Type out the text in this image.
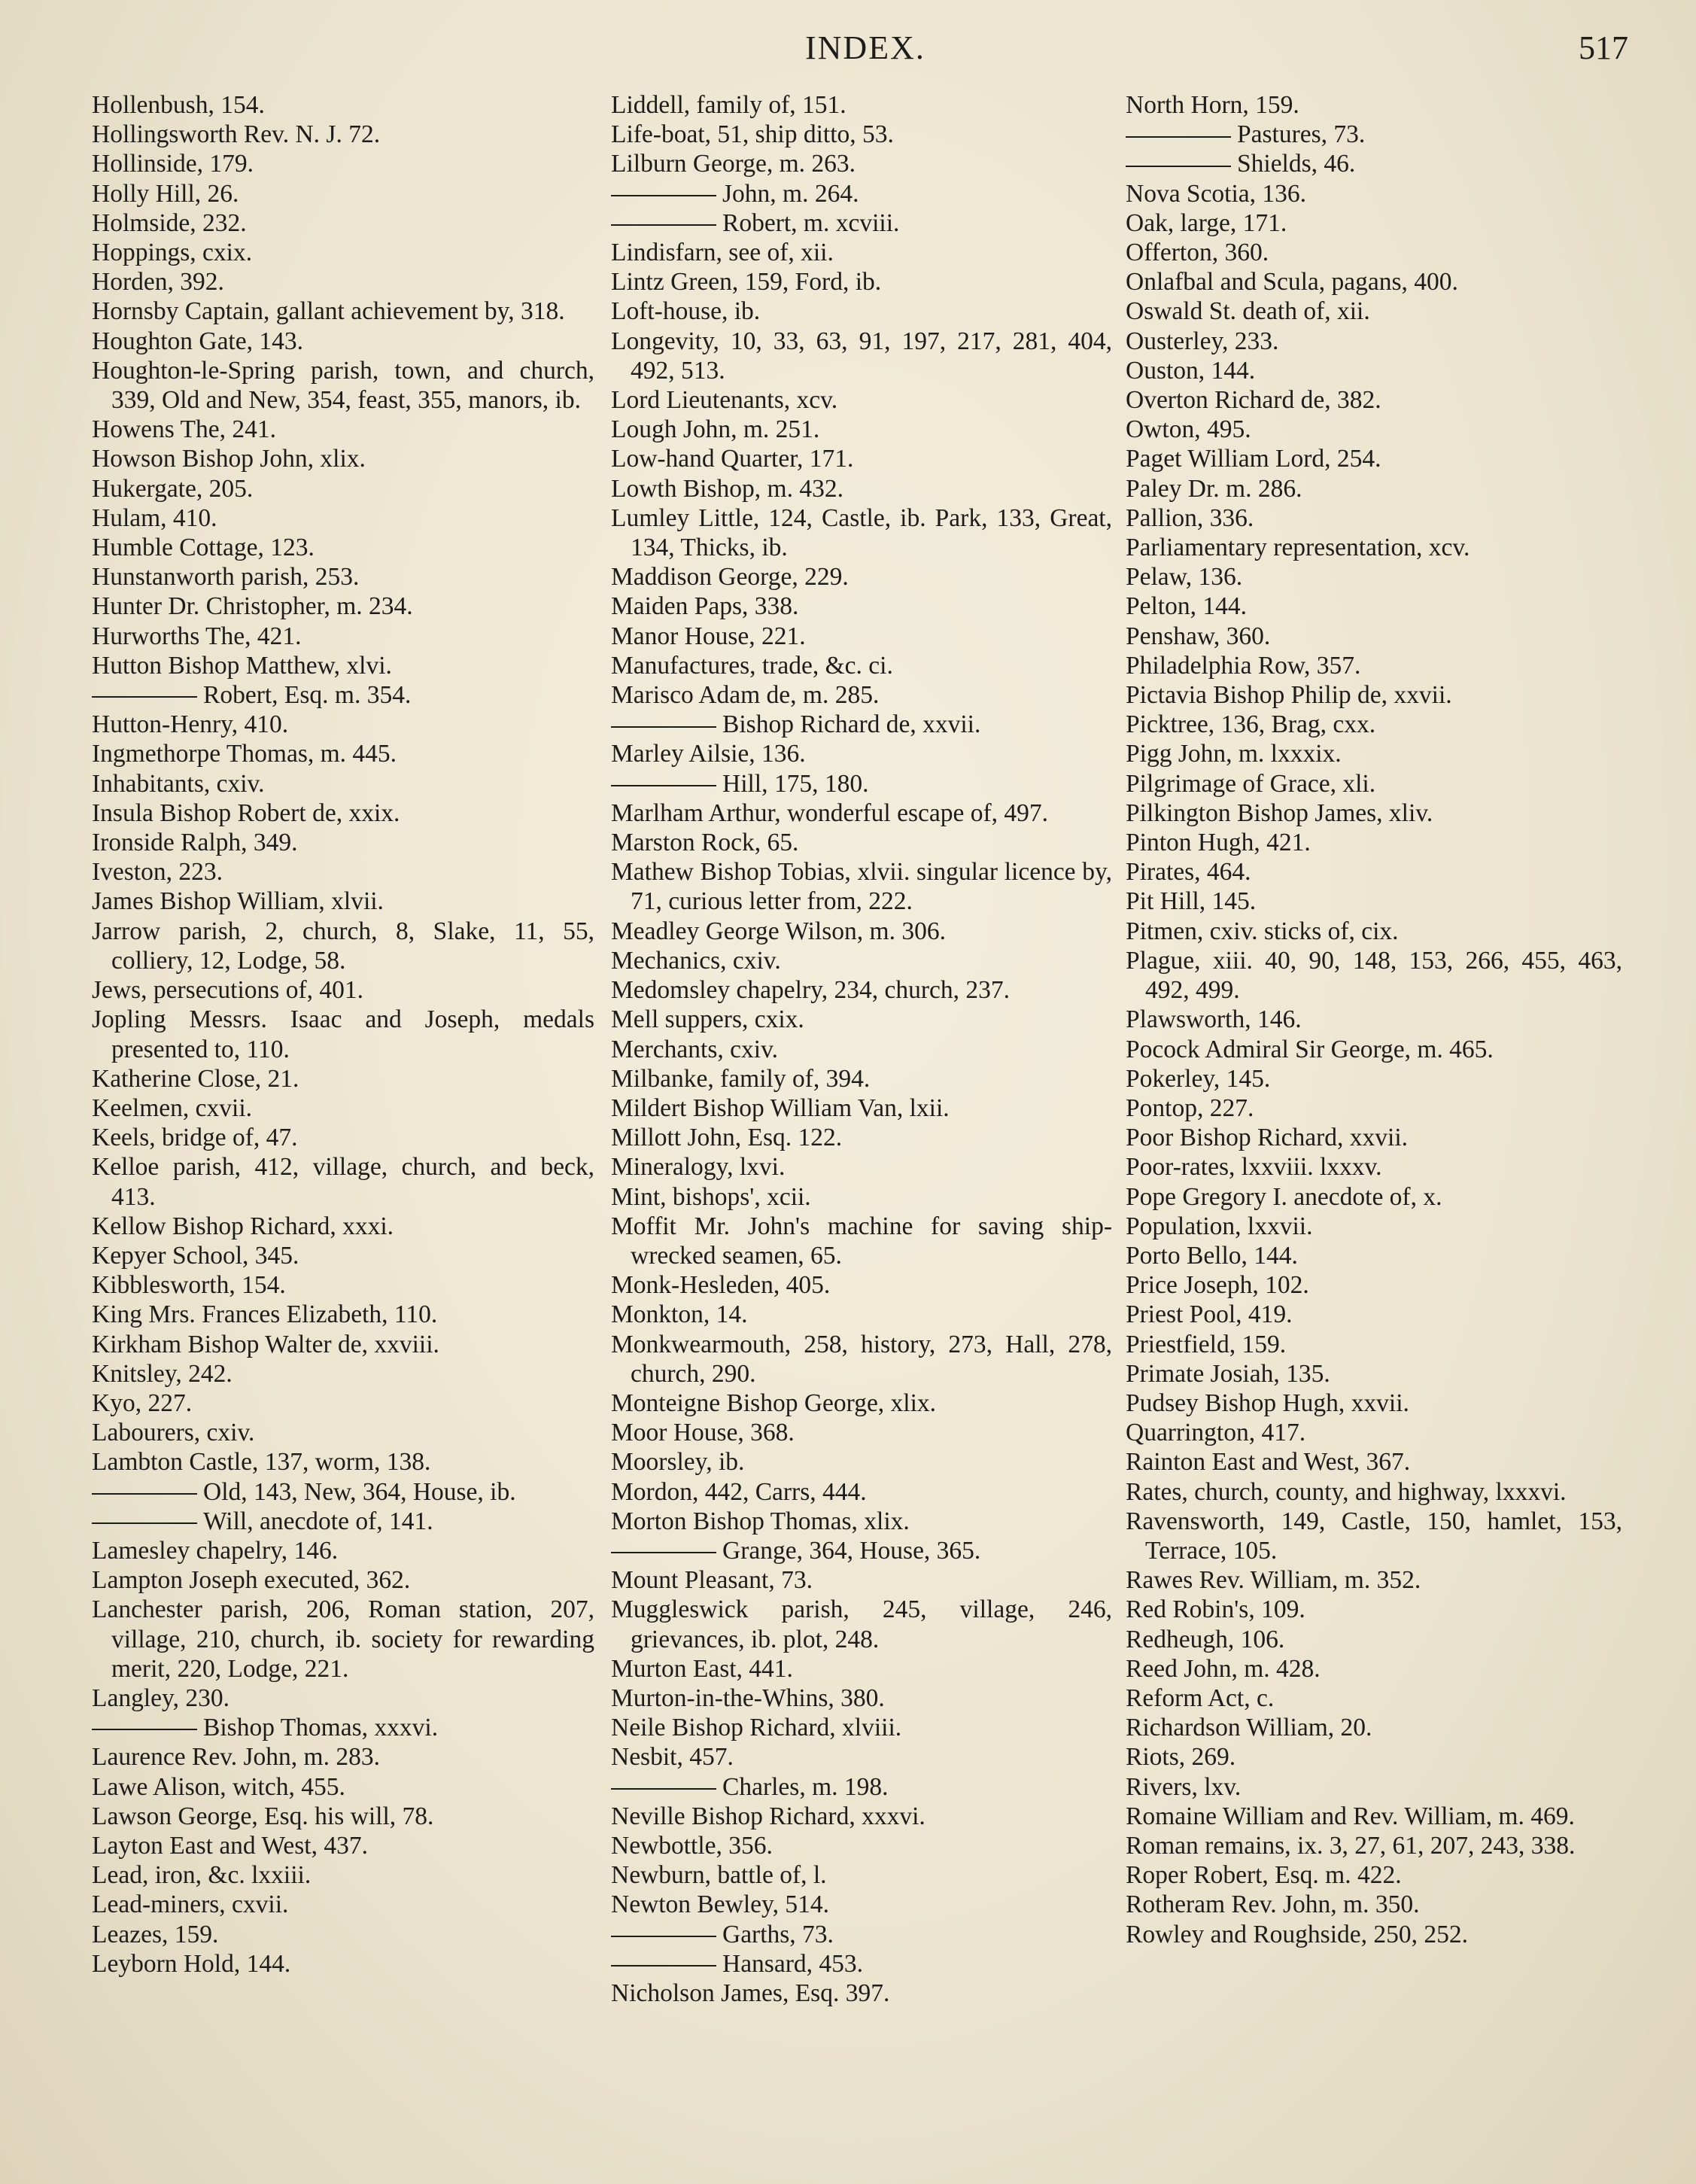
INDEX.	517
Hollenbush, 154.
Hollingsworth Rev. N. J. 72.
Hollinside, 179.
Holly Hill, 26.
Holmside, 232.
Hoppings, cxix.
Horden, 392.
Hornsby Captain, gallant achievement by, 318.
Houghton Gate, 143.
Houghton-le-Spring parish, town, and church, 339, Old and New, 354, feast, 355, manors, ib.
Howens The, 241.
Howson Bishop John, xlix.
Hukergate, 205.
Hulam, 410.
Humble Cottage, 123.
Hunstanworth parish, 253.
Hunter Dr. Christopher, m. 234.
Hurworths The, 421.
Hutton Bishop Matthew, xlvi.
Robert, Esq. m. 354.
Hutton-Henry, 410.
Ingmethorpe Thomas, m. 445.
Inhabitants, cxiv.
Insula Bishop Robert de, xxix.
Ironside Ralph, 349.
Iveston, 223.
James Bishop William, xlvii.
Jarrow parish, 2, church, 8, Slake, 11, 55, colliery, 12, Lodge, 58.
Jews, persecutions of, 401.
Jopling Messrs. Isaac and Joseph, medals presented to, 110.
Katherine Close, 21.
Keelmen, cxvii.
Keels, bridge of, 47.
Kelloe parish, 412, village, church, and beck, 413.
Kellow Bishop Richard, xxxi.
Kepyer School, 345.
Kibblesworth, 154.
King Mrs. Frances Elizabeth, 110.
Kirkham Bishop Walter de, xxviii.
Knitsley, 242.
Kyo, 227.
Labourers, cxiv.
Lambton Castle, 137, worm, 138.
Old, 143, New, 364, House, ib.
Will, anecdote of, 141.
Lamesley chapelry, 146.
Lampton Joseph executed, 362.
Lanchester parish, 206, Roman station, 207, village, 210, church, ib. society for rewarding merit, 220, Lodge, 221.
Langley, 230.
Bishop Thomas, xxxvi.
Laurence Rev. John, m. 283.
Lawe Alison, witch, 455.
Lawson George, Esq. his will, 78.
Layton East and West, 437.
Lead, iron, &c. lxxiii.
Lead-miners, cxvii.
Leazes, 159.
Leyborn Hold, 144.
Liddell, family of, 151.
Life-boat, 51, ship ditto, 53.
Lilburn George, m. 263.
John, m. 264.
Robert, m. xcviii.
Lindisfarn, see of, xii.
Lintz Green, 159, Ford, ib.
Loft-house, ib.
Longevity, 10, 33, 63, 91, 197, 217, 281, 404, 492, 513.
Lord Lieutenants, xcv.
Lough John, m. 251.
Low-hand Quarter, 171.
Lowth Bishop, m. 432.
Lumley Little, 124, Castle, ib. Park, 133, Great, 134, Thicks, ib.
Maddison George, 229.
Maiden Paps, 338.
Manor House, 221.
Manufactures, trade, &c. ci.
Marisco Adam de, m. 285.
Bishop Richard de, xxvii.
Marley Ailsie, 136.
Hill, 175, 180.
Marlham Arthur, wonderful escape of, 497.
Marston Rock, 65.
Mathew Bishop Tobias, xlvii. singular licence by, 71, curious letter from, 222.
Meadley George Wilson, m. 306.
Mechanics, cxiv.
Medomsley chapelry, 234, church, 237.
Mell suppers, cxix.
Merchants, cxiv.
Milbanke, family of, 394.
Mildert Bishop William Van, lxii.
Millott John, Esq. 122.
Mineralogy, lxvi.
Mint, bishops', xcii.
Moffit Mr. John's machine for saving ship-wrecked seamen, 65.
Monk-Hesleden, 405.
Monkton, 14.
Monkwearmouth, 258, history, 273, Hall, 278, church, 290.
Monteigne Bishop George, xlix.
Moor House, 368.
Moorsley, ib.
Mordon, 442, Carrs, 444.
Morton Bishop Thomas, xlix.
Grange, 364, House, 365.
Mount Pleasant, 73.
Muggleswick parish, 245, village, 246, grievances, ib. plot, 248.
Murton East, 441.
Murton-in-the-Whins, 380.
Neile Bishop Richard, xlviii.
Nesbit, 457.
Charles, m. 198.
Neville Bishop Richard, xxxvi.
Newbottle, 356.
Newburn, battle of, l.
Newton Bewley, 514.
Garths, 73.
Hansard, 453.
Nicholson James, Esq. 397.
North Horn, 159.
Pastures, 73.
Shields, 46.
Nova Scotia, 136.
Oak, large, 171.
Offerton, 360.
Onlafbal and Scula, pagans, 400.
Oswald St. death of, xii.
Ousterley, 233.
Ouston, 144.
Overton Richard de, 382.
Owton, 495.
Paget William Lord, 254.
Paley Dr. m. 286.
Pallion, 336.
Parliamentary representation, xcv.
Pelaw, 136.
Pelton, 144.
Penshaw, 360.
Philadelphia Row, 357.
Pictavia Bishop Philip de, xxvii.
Picktree, 136, Brag, cxx.
Pigg John, m. lxxxix.
Pilgrimage of Grace, xli.
Pilkington Bishop James, xliv.
Pinton Hugh, 421.
Pirates, 464.
Pit Hill, 145.
Pitmen, cxiv. sticks of, cix.
Plague, xiii. 40, 90, 148, 153, 266, 455, 463, 492, 499.
Plawsworth, 146.
Pocock Admiral Sir George, m. 465.
Pokerley, 145.
Pontop, 227.
Poor Bishop Richard, xxvii.
Poor-rates, lxxviii. lxxxv.
Pope Gregory I. anecdote of, x.
Population, lxxvii.
Porto Bello, 144.
Price Joseph, 102.
Priest Pool, 419.
Priestfield, 159.
Primate Josiah, 135.
Pudsey Bishop Hugh, xxvii.
Quarrington, 417.
Rainton East and West, 367.
Rates, church, county, and highway, lxxxvi.
Ravensworth, 149, Castle, 150, hamlet, 153, Terrace, 105.
Rawes Rev. William, m. 352.
Red Robin's, 109.
Redheugh, 106.
Reed John, m. 428.
Reform Act, c.
Richardson William, 20.
Riots, 269.
Rivers, lxv.
Romaine William and Rev. William, m. 469.
Roman remains, ix. 3, 27, 61, 207, 243, 338.
Roper Robert, Esq. m. 422.
Rotheram Rev. John, m. 350.
Rowley and Roughside, 250, 252.
